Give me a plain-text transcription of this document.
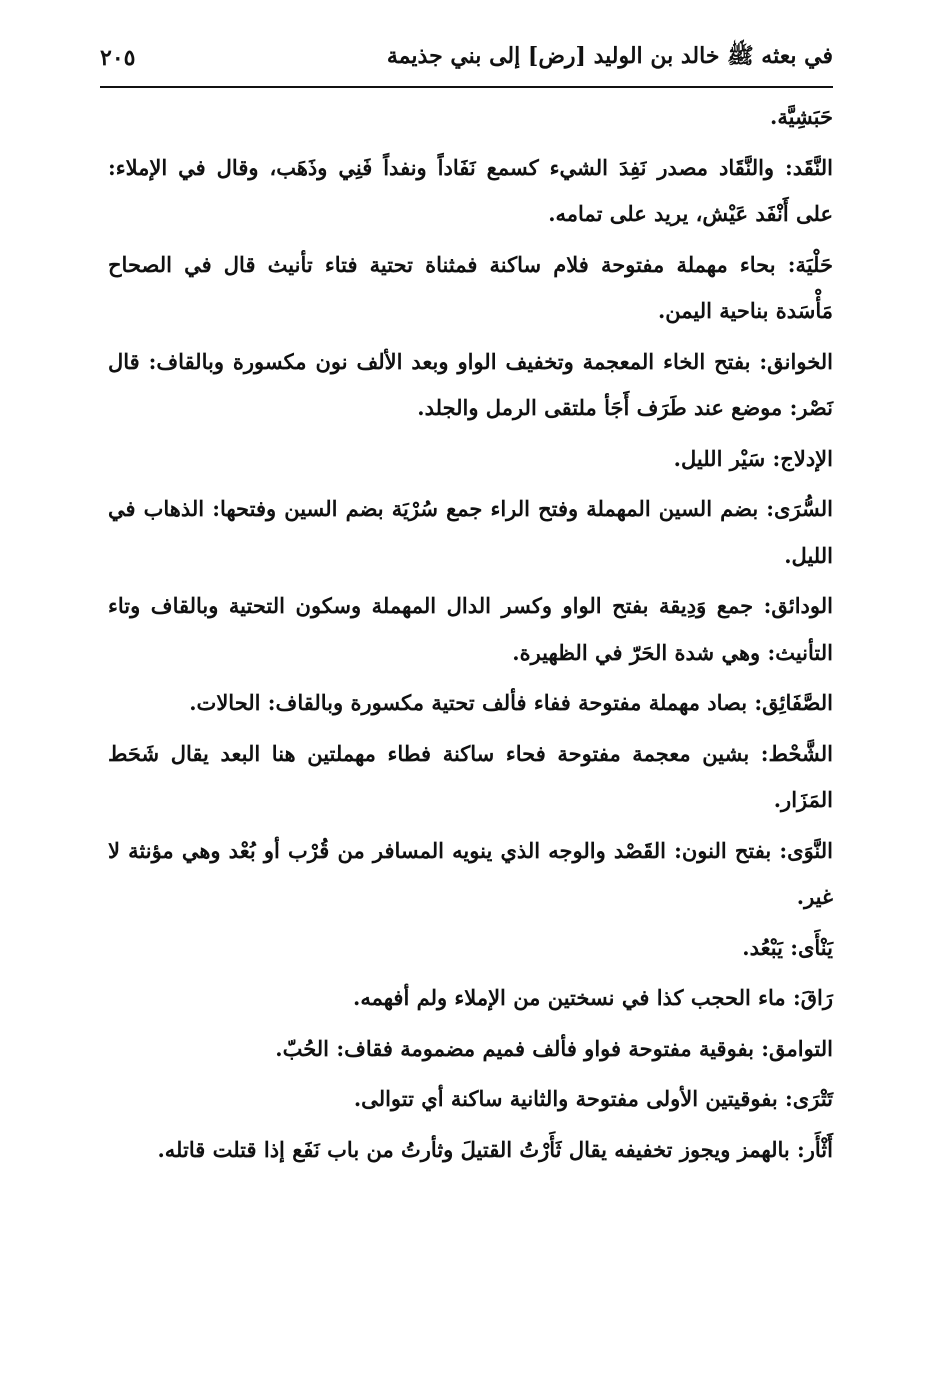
في بعثه ﷺ خالد بن الوليد [رض] إلى بني جذيمة
٢٠٥

حَبَشِيَّة.

النَّقَد: والنَّقَاد مصدر نَفِدَ الشيء كسمع نَفَاداً ونفداً فَنِي وذَهَب، وقال في الإملاء: على أَنْفَد عَيْش، يريد على تمامه.

حَلْيَة: بحاء مهملة مفتوحة فلام ساكنة فمثناة تحتية فتاء تأنيث قال في الصحاح مَأْسَدة بناحية اليمن.

الخوانق: بفتح الخاء المعجمة وتخفيف الواو وبعد الألف نون مكسورة وبالقاف: قال نَصْر: موضع عند طَرَف أَجَأ ملتقى الرمل والجلد.

الإدلاج: سَيْر الليل.

السُّرَى: بضم السين المهملة وفتح الراء جمع سُرْيَة بضم السين وفتحها: الذهاب في الليل.

الودائق: جمع وَدِيقة بفتح الواو وكسر الدال المهملة وسكون التحتية وبالقاف وتاء التأنيث: وهي شدة الحَرّ في الظهيرة.

الصَّفَائِق: بصاد مهملة مفتوحة ففاء فألف تحتية مكسورة وبالقاف: الحالات.

الشَّحْط: بشين معجمة مفتوحة فحاء ساكنة فطاء مهملتين هنا البعد يقال شَحَط المَزَار.

النَّوَى: بفتح النون: القَصْد والوجه الذي ينويه المسافر من قُرْب أو بُعْد وهي مؤنثة لا غير.

يَنْأَى: يَبْعُد.

رَاقَ: ماء الحجب كذا في نسختين من الإملاء ولم أفهمه.

التوامق: بفوقية مفتوحة فواو فألف فميم مضمومة فقاف: الحُبّ.

تَتْرَى: بفوقيتين الأولى مفتوحة والثانية ساكنة أي تتوالى.

أَثْأَر: بالهمز ويجوز تخفيفه يقال ثَأَرْتُ القتيلَ وثأرتُ من باب نَفَع إذا قتلت قاتله.
